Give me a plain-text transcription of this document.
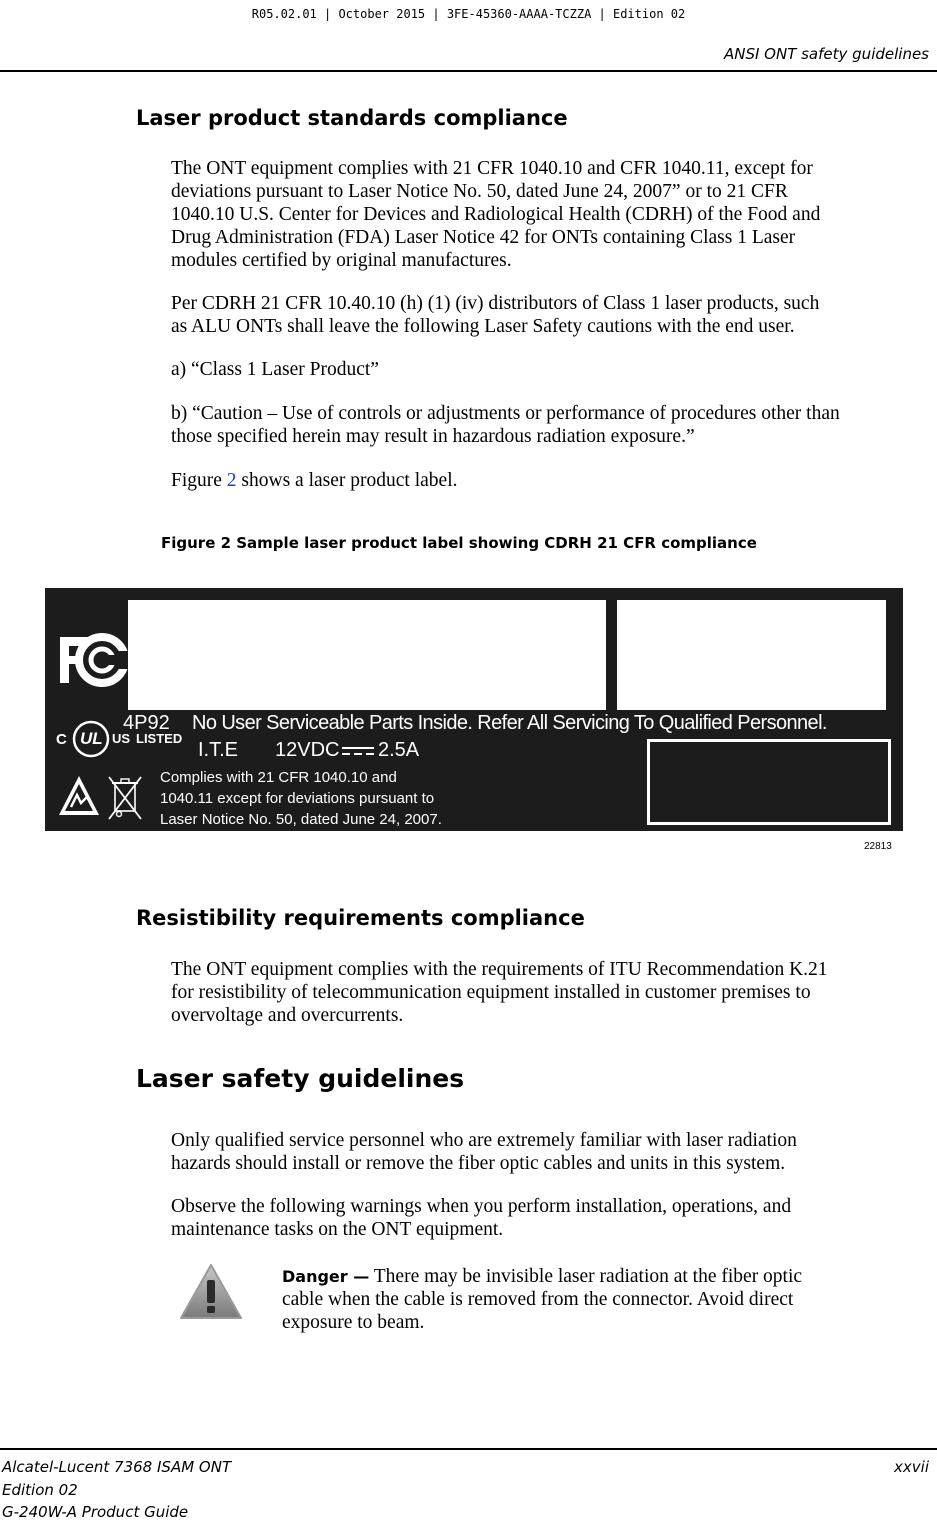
R05.02.01 | October 2015 | 3FE-45360-AAAA-TCZZA | Edition 02
ANSI ONT safety guidelines
Laser product standards compliance
The ONT equipment complies with 21 CFR 1040.10 and CFR 1040.11, except for
deviations pursuant to Laser Notice No. 50, dated June 24, 2007” or to 21 CFR
1040.10 U.S. Center for Devices and Radiological Health (CDRH) of the Food and
Drug Administration (FDA) Laser Notice 42 for ONTs containing Class 1 Laser
modules certified by original manufactures.
Per CDRH 21 CFR 10.40.10 (h) (1) (iv) distributors of Class 1 laser products, such
as ALU ONTs shall leave the following Laser Safety cautions with the end user.
a) “Class 1 Laser Product”
b) “Caution – Use of controls or adjustments or performance of procedures other than
those specified herein may result in hazardous radiation exposure.”
Figure 2 shows a laser product label.
Figure 2 Sample laser product label showing CDRH 21 CFR compliance
C UL US LISTED
4P92 No User Serviceable Parts Inside. Refer All Servicing To Qualified Personnel.
I.T.E 12VDC 2.5A
Complies with 21 CFR 1040.10 and
1040.11 except for deviations pursuant to
Laser Notice No. 50, dated June 24, 2007.
22813
Resistibility requirements compliance
The ONT equipment complies with the requirements of ITU Recommendation K.21
for resistibility of telecommunication equipment installed in customer premises to
overvoltage and overcurrents.
Laser safety guidelines
Only qualified service personnel who are extremely familiar with laser radiation
hazards should install or remove the fiber optic cables and units in this system.
Observe the following warnings when you perform installation, operations, and
maintenance tasks on the ONT equipment.
Danger — There may be invisible laser radiation at the fiber optic
cable when the cable is removed from the connector. Avoid direct
exposure to beam.
Alcatel-Lucent 7368 ISAM ONT
Edition 02
G-240W-A Product Guide
xxvii
